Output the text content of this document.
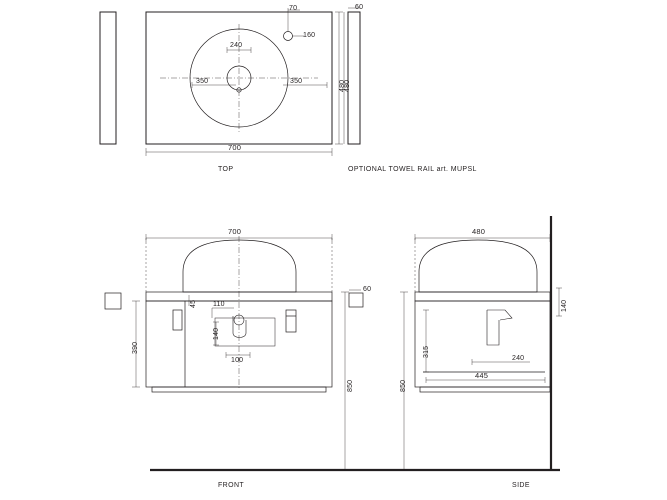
70
160
240
350	350
700
480
60
480
TOP	OPTIONAL TOWEL RAIL art. MUPSL
700
60
390
850
45 110
140
100
FRONT
480
140
850
315
240
445
SIDE
